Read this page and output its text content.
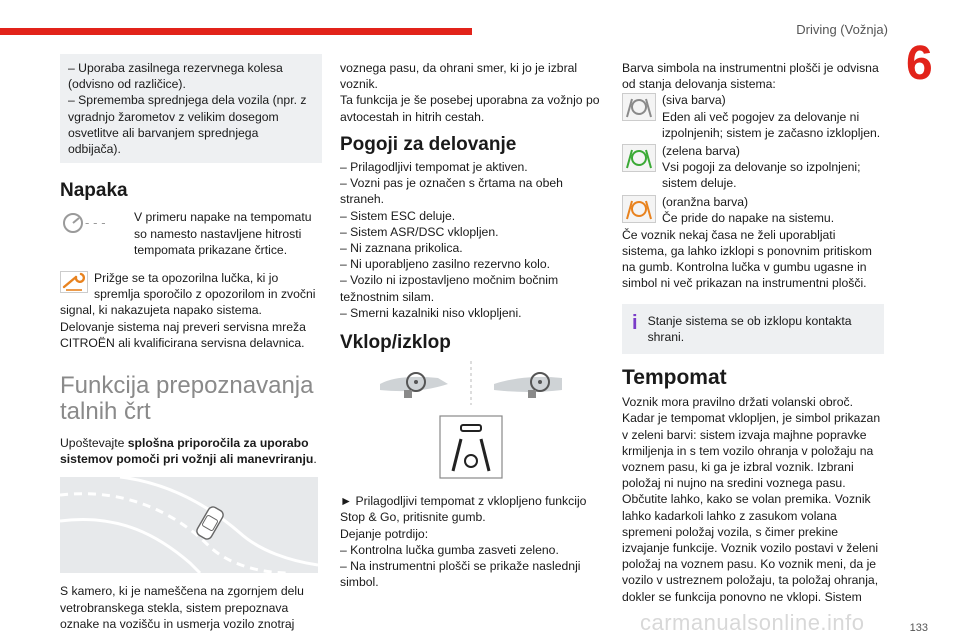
Driving (Vožnja)
6

– Uporaba zasilnega rezervnega kolesa (odvisno od različice).

– Sprememba sprednjega dela vozila (npr. z vgradnjo žarometov z velikim dosegom osvetlitve ali barvanjem sprednjega odbijača).

Napaka
- - - V primeru napake na tempomatu so namesto nastavljene hitrosti tempomata prikazane črtice.

Prižge se ta opozorilna lučka, ki jo spremlja sporočilo z opozorilom in zvočni signal, ki nakazujeta napako sistema.

Delovanje sistema naj preveri servisna mreža CITROËN ali kvalificirana servisna delavnica.

Funkcija prepoznavanja talnih črt

Upoštevajte splošna priporočila za uporabo sistemov pomoči pri vožnji ali manevriranju.

S kamero, ki je nameščena na zgornjem delu vetrobranskega stekla, sistem prepoznava oznake na vozišču in usmerja vozilo znotraj

voznega pasu, da ohrani smer, ki jo je izbral voznik.

Ta funkcija je še posebej uporabna za vožnjo po avtocestah in hitrih cestah.

Pogoji za delovanje

– Prilagodljivi tempomat je aktiven.

– Vozni pas je označen s črtama na obeh straneh.

– Sistem ESC deluje.

– Sistem ASR/DSC vklopljen.

– Ni zaznana prikolica.

– Ni uporabljeno zasilno rezervno kolo.

– Vozilo ni izpostavljeno močnim bočnim težnostnim silam.

– Smerni kazalniki niso vklopljeni.

Vklop/izklop

► Prilagodljivi tempomat z vklopljeno funkcijo Stop & Go, pritisnite gumb.

Dejanje potrdijo:

– Kontrolna lučka gumba zasveti zeleno.

– Na instrumentni plošči se prikaže naslednji simbol.

Barva simbola na instrumentni plošči je odvisna od stanja delovanja sistema:

(siva barva)

Eden ali več pogojev za delovanje ni izpolnjenih; sistem je začasno izklopljen.

(zelena barva)

Vsi pogoji za delovanje so izpolnjeni; sistem deluje.

(oranžna barva)

Če pride do napake na sistemu.

Če voznik nekaj časa ne želi uporabljati sistema, ga lahko izklopi s ponovnim pritiskom na gumb. Kontrolna lučka v gumbu ugasne in simbol ni več prikazan na instrumentni plošči.

i Stanje sistema se ob izklopu kontakta shrani.

Tempomat

Voznik mora pravilno držati volanski obroč. Kadar je tempomat vklopljen, je simbol prikazan v zeleni barvi: sistem izvaja majhne popravke krmiljenja in s tem vozilo ohranja v položaju na voznem pasu, ki ga je izbral voznik. Izbrani položaj ni nujno na sredini voznega pasu. Občutite lahko, kako se volan premika. Voznik lahko kadarkoli lahko z zasukom volana spremeni položaj vozila, s čimer prekine izvajanje funkcije. Voznik vozilo postavi v želeni položaj na voznem pasu. Ko voznik meni, da je vozilo v ustreznem položaju, ta položaj ohranja, dokler se funkcija ponovno ne vklopi. Sistem

carmanualsonline.info	133
